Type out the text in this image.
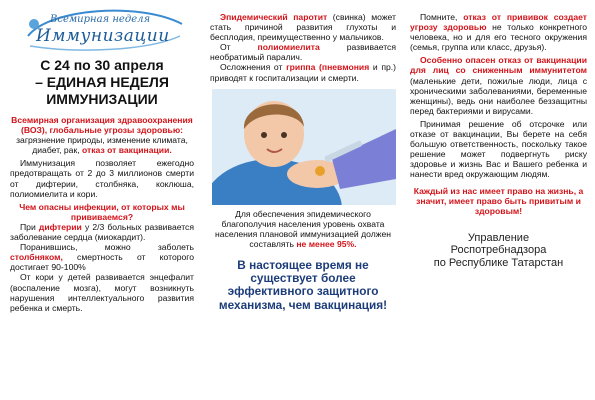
Всемирная неделя
Иммунизации
С 24 по 30 апреля
– ЕДИНАЯ НЕДЕЛЯ
ИММУНИЗАЦИИ

Всемирная организация здравоохранения (ВОЗ), глобальные угрозы здоровью:

загрязнение природы, изменение климата, диабет, рак, отказ от вакцинации.

Иммунизация позволяет ежегодно предотвращать от 2 до 3 миллионов смерти от дифтерии, столбняка, коклюша, полиомиелита и кори.

Чем опасны инфекции, от которых мы прививаемся?

При дифтерии у 2/3 больных развивается заболевание сердца (миокардит).

Поранившись, можно заболеть столбняком, смертность от которого достигает 90-100%

От кори у детей развивается энцефалит (воспаление мозга), могут возникнуть нарушения интеллектуального развития ребенка и смерть.

Эпидемический паротит (свинка) может стать причиной развития глухоты и бесплодия, преимущественно у мальчиков.

От	полиомиелита	развивается необратимый паралич.

Осложнения от гриппа (пневмония и пр.) приводят к госпитализации и смерти.

Для обеспечения эпидемического благополучия населения уровень охвата населения плановой иммунизацией должен составлять не менее 95%.

В настоящее время не существует более эффективного защитного механизма, чем вакцинация!

Помните, отказ от прививок создает угрозу здоровью не только конкретного человека, но и для его тесного окружения (семья, группа или класс, друзья).

Особенно опасен отказ от вакцинации для лиц со сниженным иммунитетом (маленькие дети, пожилые люди, лица с хроническими заболеваниями, беременные женщины), ведь они наиболее беззащитны перед бактериями и вирусами.

Принимая решение об отсрочке или отказе от вакцинации, Вы берете на себя большую ответственность, поскольку такое решение может подвергнуть риску здоровье и жизнь Вас и Вашего ребенка и нанести вред окружающим людям.

Каждый из нас имеет право на жизнь, а значит, имеет право быть привитым и здоровым!

Управление
Роспотребнадзора
по Республике Татарстан
